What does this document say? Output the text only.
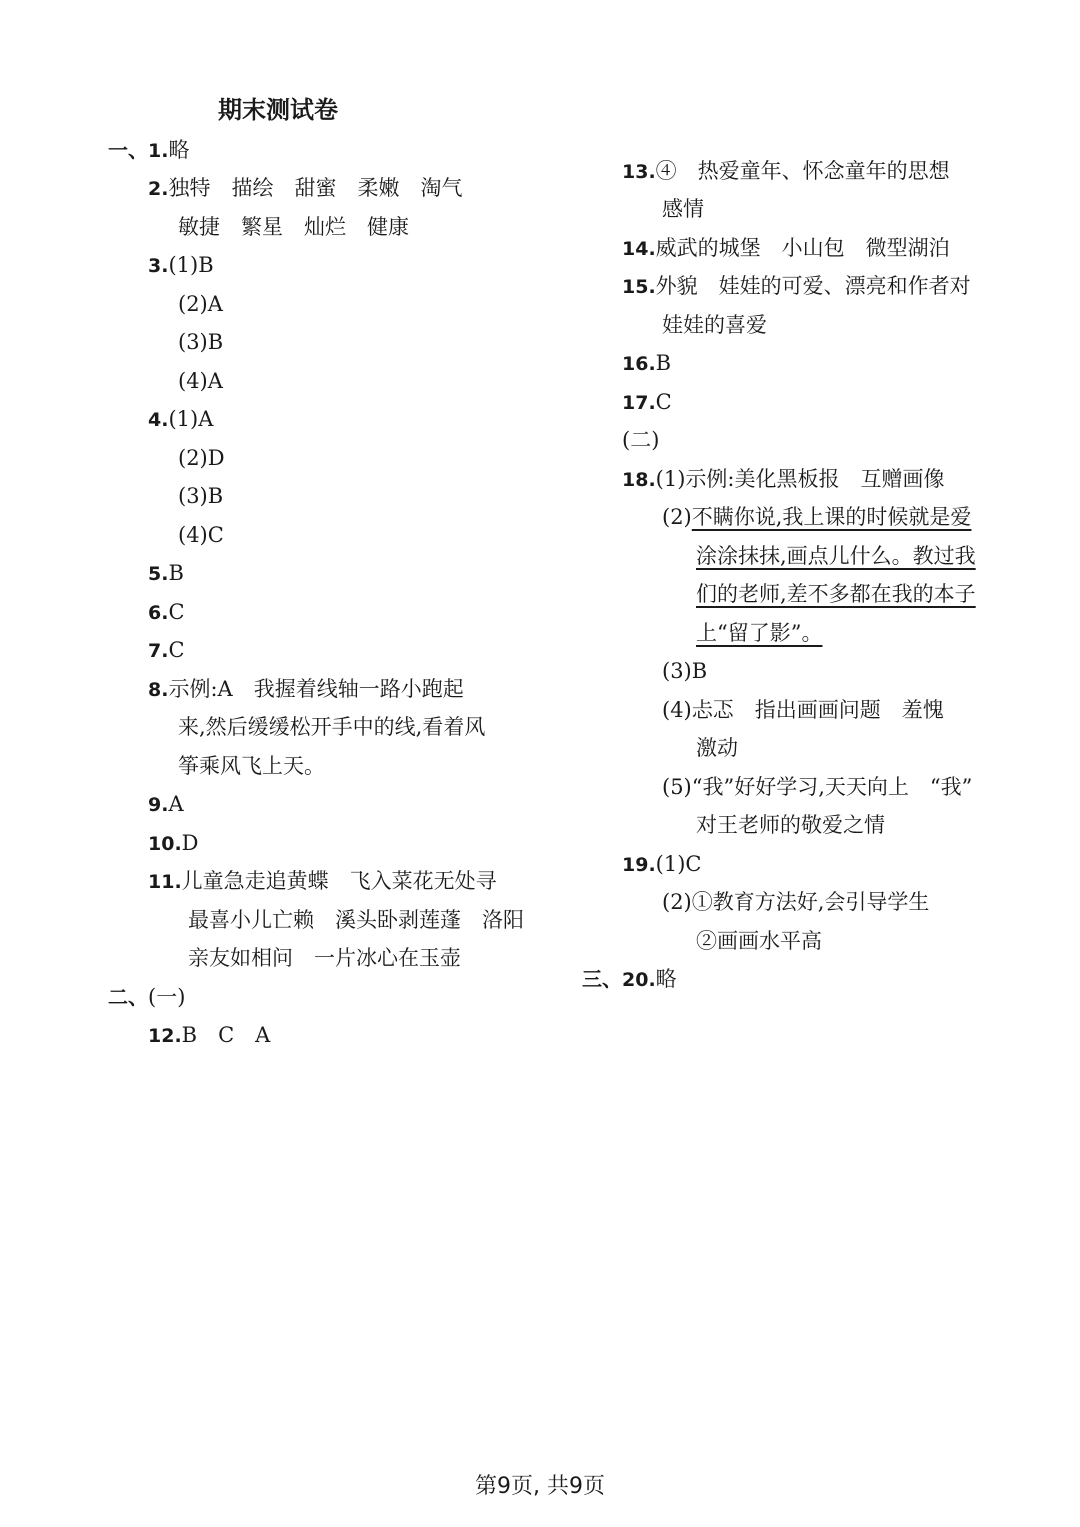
期末测试卷
一、1.略
2.独特　描绘　甜蜜　柔嫩　淘气
敏捷　繁星　灿烂　健康
3.(1)B
(2)A
(3)B
(4)A
4.(1)A
(2)D
(3)B
(4)C
5.B
6.C
7.C
8.示例:A　我握着线轴一路小跑起
来,然后缓缓松开手中的线,看着风
筝乘风飞上天。
9.A
10.D
11.儿童急走追黄蝶　飞入菜花无处寻
最喜小儿亡赖　溪头卧剥莲蓬　洛阳
亲友如相问　一片冰心在玉壶
二、(一)
12.B　C　A
13.④　热爱童年、怀念童年的思想
感情
14.威武的城堡　小山包　微型湖泊
15.外貌　娃娃的可爱、漂亮和作者对
娃娃的喜爱
16.B
17.C
(二)
18.(1)示例:美化黑板报　互赠画像
(2)不瞒你说,我上课的时候就是爱
涂涂抹抹,画点儿什么。教过我
们的老师,差不多都在我的本子
上“留了影”。
(3)B
(4)忐忑　指出画画问题　羞愧
激动
(5)“我”好好学习,天天向上　“我”
对王老师的敬爱之情
19.(1)C
(2)①教育方法好,会引导学生
②画画水平高
三、20.略
第9页, 共9页
